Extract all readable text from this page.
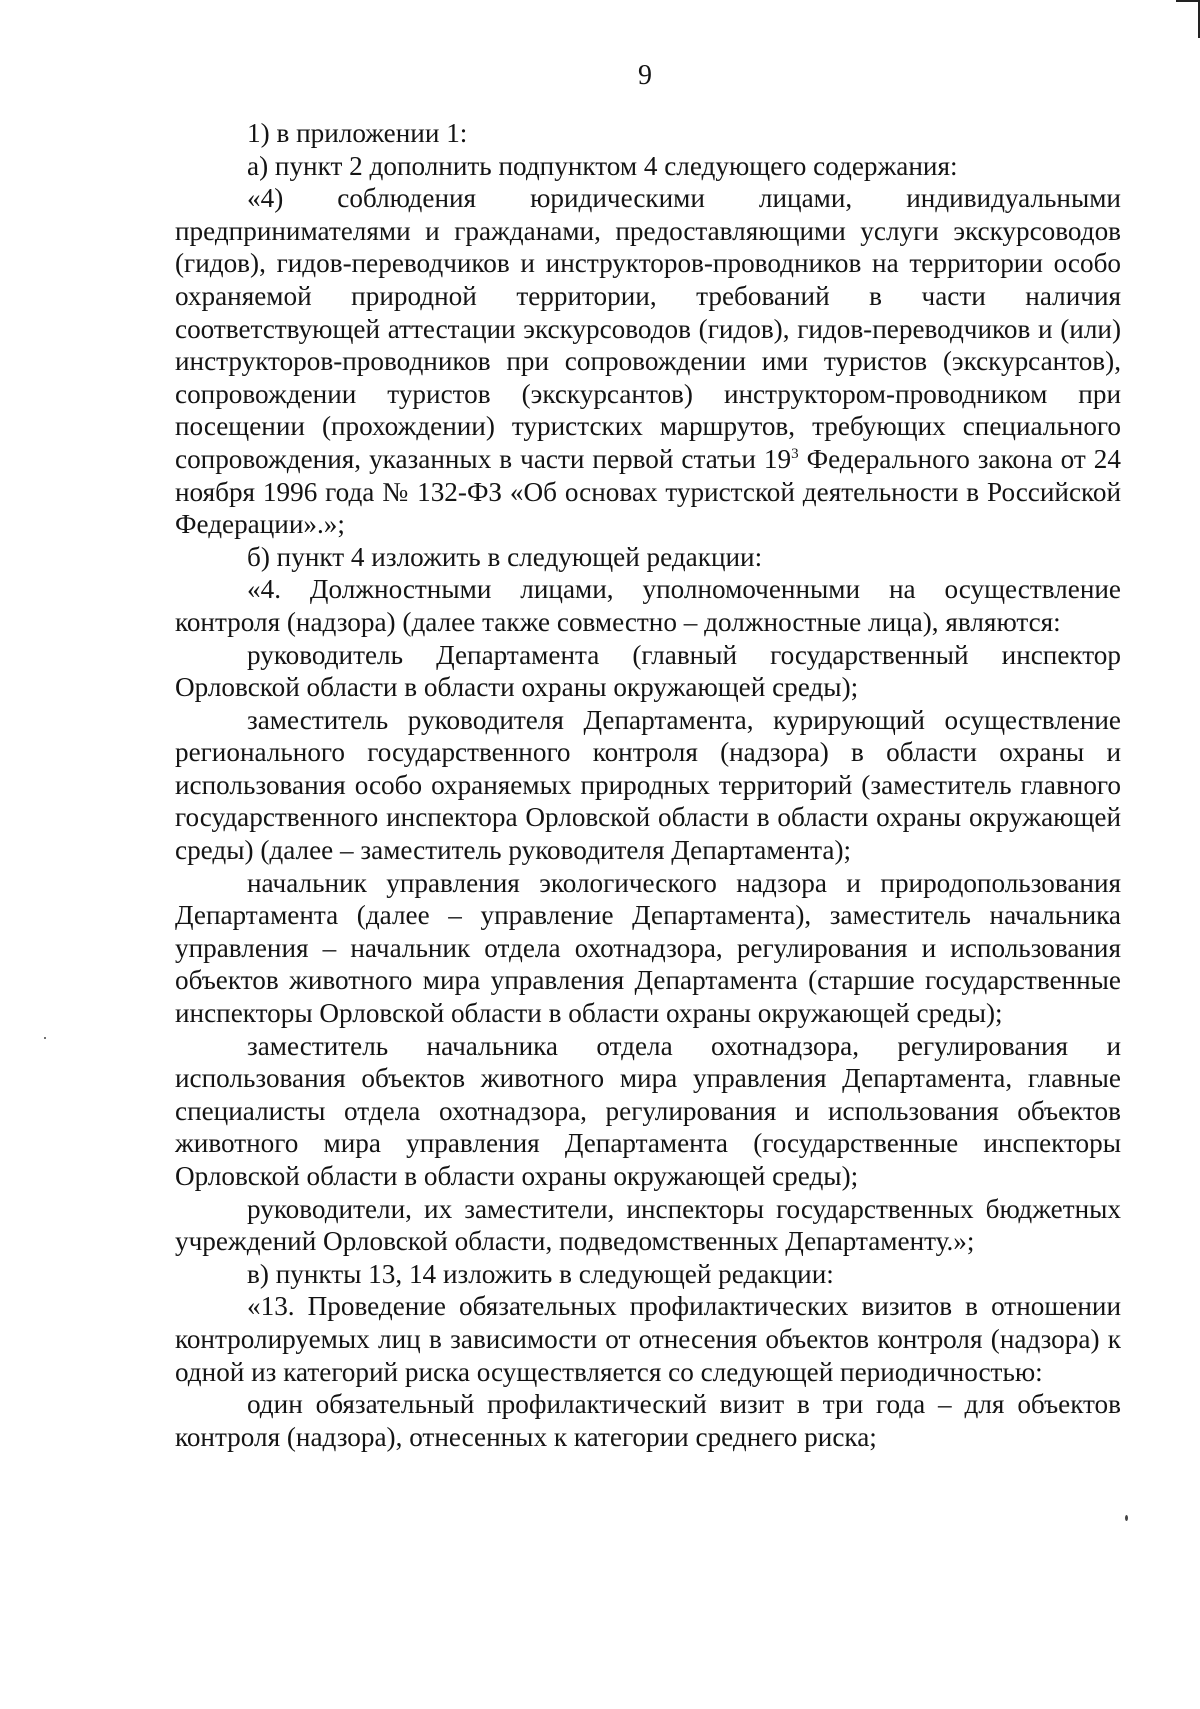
9

1) в приложении 1:

а) пункт 2 дополнить подпунктом 4 следующего содержания:

«4) соблюдения юридическими лицами, индивидуальными предпринимателями и гражданами, предоставляющими услуги экскурсоводов (гидов), гидов-переводчиков и инструкторов-проводников на территории особо охраняемой природной территории, требований в части наличия соответствующей аттестации экскурсоводов (гидов), гидов-переводчиков и (или) инструкторов-проводников при сопровождении ими туристов (экскурсантов), сопровождении туристов (экскурсантов) инструктором-проводником при посещении (прохождении) туристских маршрутов, требующих специального сопровождения, указанных в части первой статьи $19^3$ Федерального закона от 24 ноября 1996 года № 132-ФЗ «Об основах туристской деятельности в Российской Федерации».»;

б) пункт 4 изложить в следующей редакции:

«4. Должностными лицами, уполномоченными на осуществление контроля (надзора) (далее также совместно – должностные лица), являются:

руководитель Департамента (главный государственный инспектор Орловской области в области охраны окружающей среды);

заместитель руководителя Департамента, курирующий осуществление регионального государственного контроля (надзора) в области охраны и использования особо охраняемых природных территорий (заместитель главного государственного инспектора Орловской области в области охраны окружающей среды) (далее – заместитель руководителя Департамента);

начальник управления экологического надзора и природопользования Департамента (далее – управление Департамента), заместитель начальника управления – начальник отдела охотнадзора, регулирования и использования объектов животного мира управления Департамента (старшие государственные инспекторы Орловской области в области охраны окружающей среды);

заместитель начальника отдела охотнадзора, регулирования и использования объектов животного мира управления Департамента, главные специалисты отдела охотнадзора, регулирования и использования объектов животного мира управления Департамента (государственные инспекторы Орловской области в области охраны окружающей среды);

руководители, их заместители, инспекторы государственных бюджетных учреждений Орловской области, подведомственных Департаменту.»;

в) пункты 13, 14 изложить в следующей редакции:

«13. Проведение обязательных профилактических визитов в отношении контролируемых лиц в зависимости от отнесения объектов контроля (надзора) к одной из категорий риска осуществляется со следующей периодичностью:

один обязательный профилактический визит в три года – для объектов контроля (надзора), отнесенных к категории среднего риска;
